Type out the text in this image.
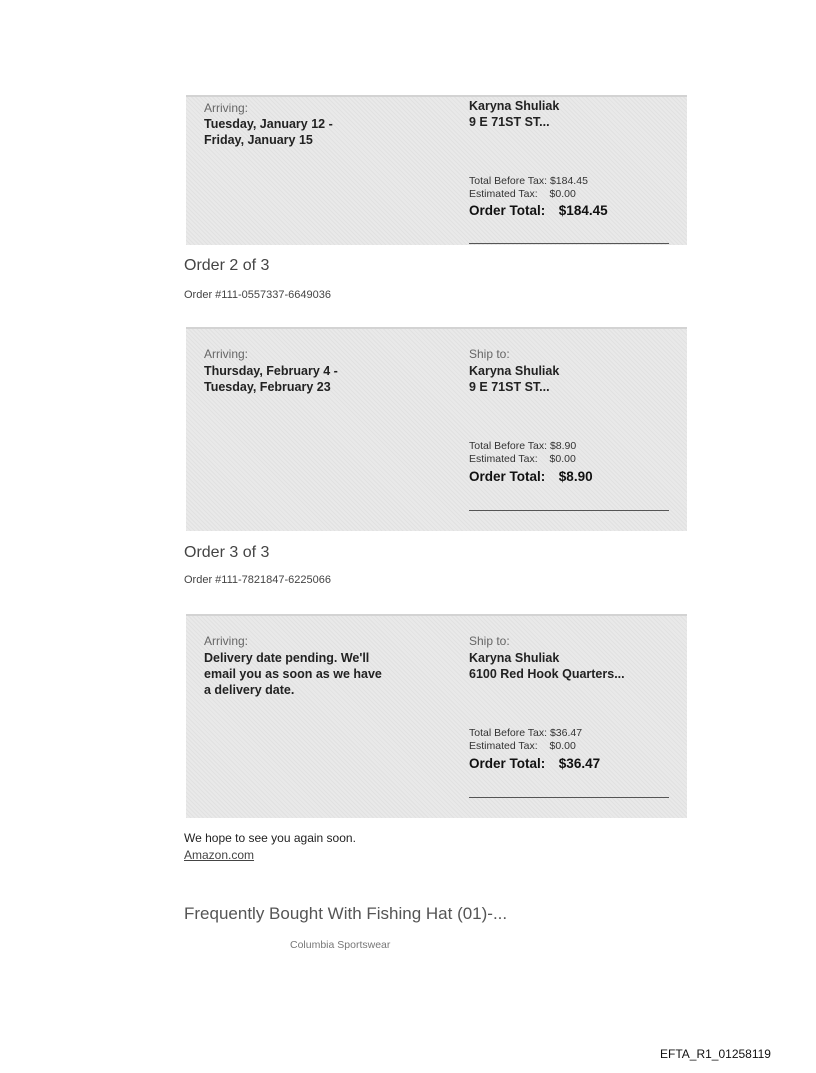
Arriving:
Tuesday, January 12 -
Friday, January 15
Karyna Shuliak
9 E 71ST ST...
Total Before Tax: $184.45
Estimated Tax: $0.00
Order Total: $184.45
Order 2 of 3
Order #111-0557337-6649036
Arriving:
Thursday, February 4 -
Tuesday, February 23
Ship to:
Karyna Shuliak
9 E 71ST ST...
Total Before Tax: $8.90
Estimated Tax: $0.00
Order Total: $8.90
Order 3 of 3
Order #111-7821847-6225066
Arriving:
Delivery date pending. We'll
email you as soon as we have
a delivery date.
Ship to:
Karyna Shuliak
6100 Red Hook Quarters...
Total Before Tax: $36.47
Estimated Tax: $0.00
Order Total: $36.47
We hope to see you again soon.
Amazon.com
Frequently Bought With Fishing Hat (01)-...
Columbia Sportswear
EFTA_R1_01258119
